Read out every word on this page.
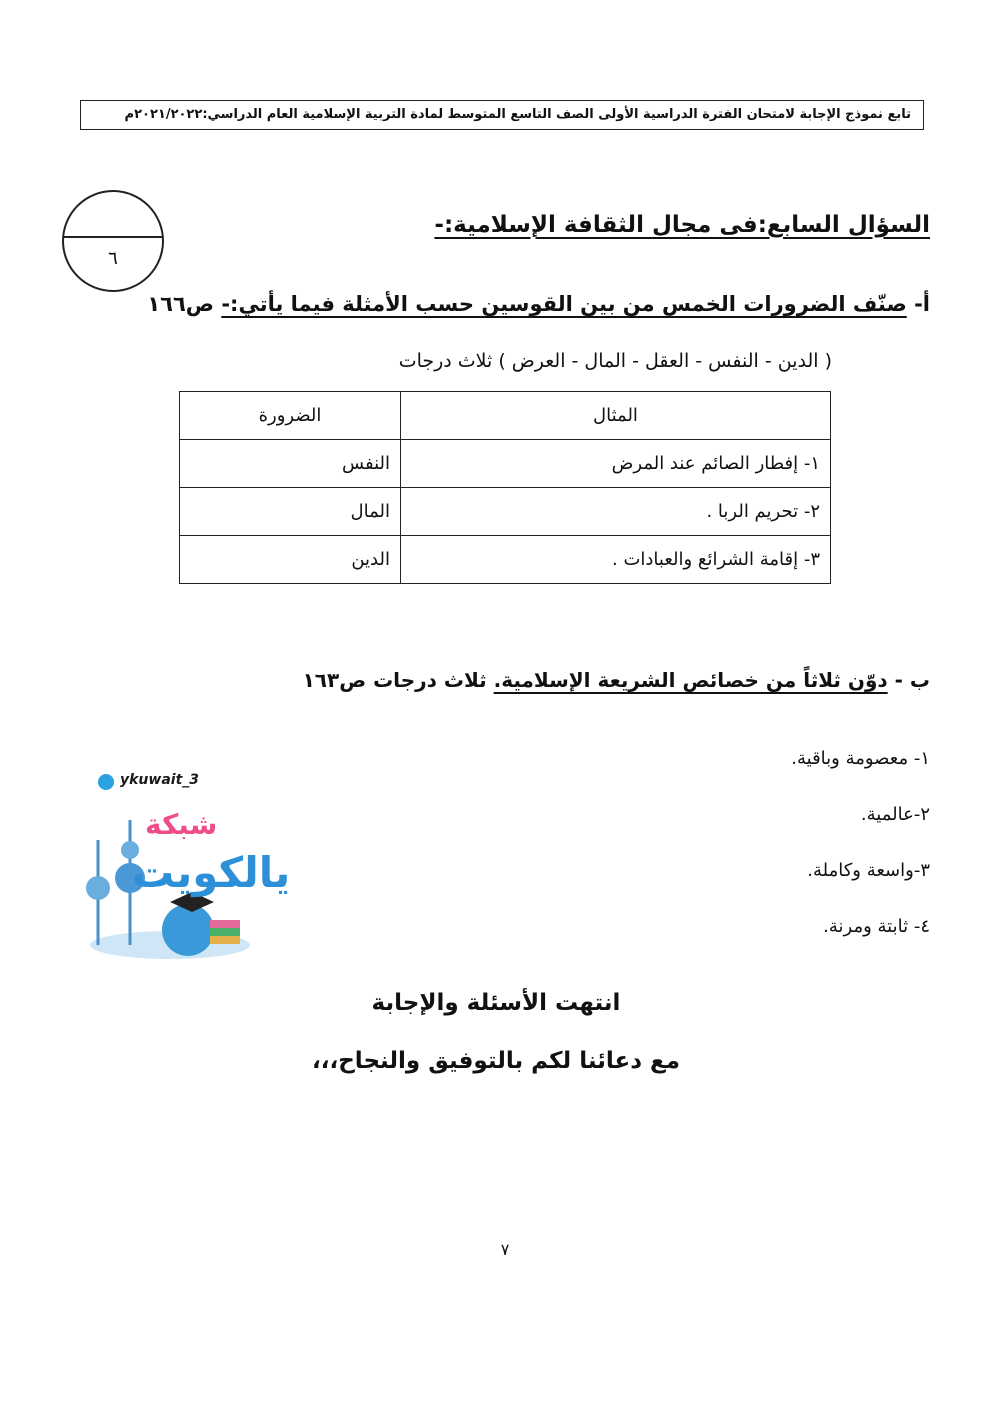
تابع نموذج الإجابة لامتحان الفترة الدراسية الأولى الصف التاسع المتوسط لمادة التربية الإسلامية العام الدراسي:٢٠٢١/٢٠٢٢م
٦
السؤال السابع:فى مجال الثقافة الإسلامية:-
أ- صنّف الضرورات الخمس من بين القوسين حسب الأمثلة فيما يأتي:- ص١٦٦
( الدين - النفس - العقل - المال - العرض ) ثلاث درجات
المثال	الضرورة
١- إفطار الصائم عند المرض	النفس
٢- تحريم الربا .	المال
٣- إقامة الشرائع والعبادات .	الدين
ب - دوّن ثلاثاً من خصائص الشريعة الإسلامية. ثلاث درجات ص١٦٣
١- معصومة وباقية.
٢-عالمية.
٣-واسعة وكاملة.
٤- ثابتة ومرنة.
ykuwait_3
شبكة
يالكويت
انتهت الأسئلة والإجابة
مع دعائنا لكم بالتوفيق والنجاح،،،
٧
